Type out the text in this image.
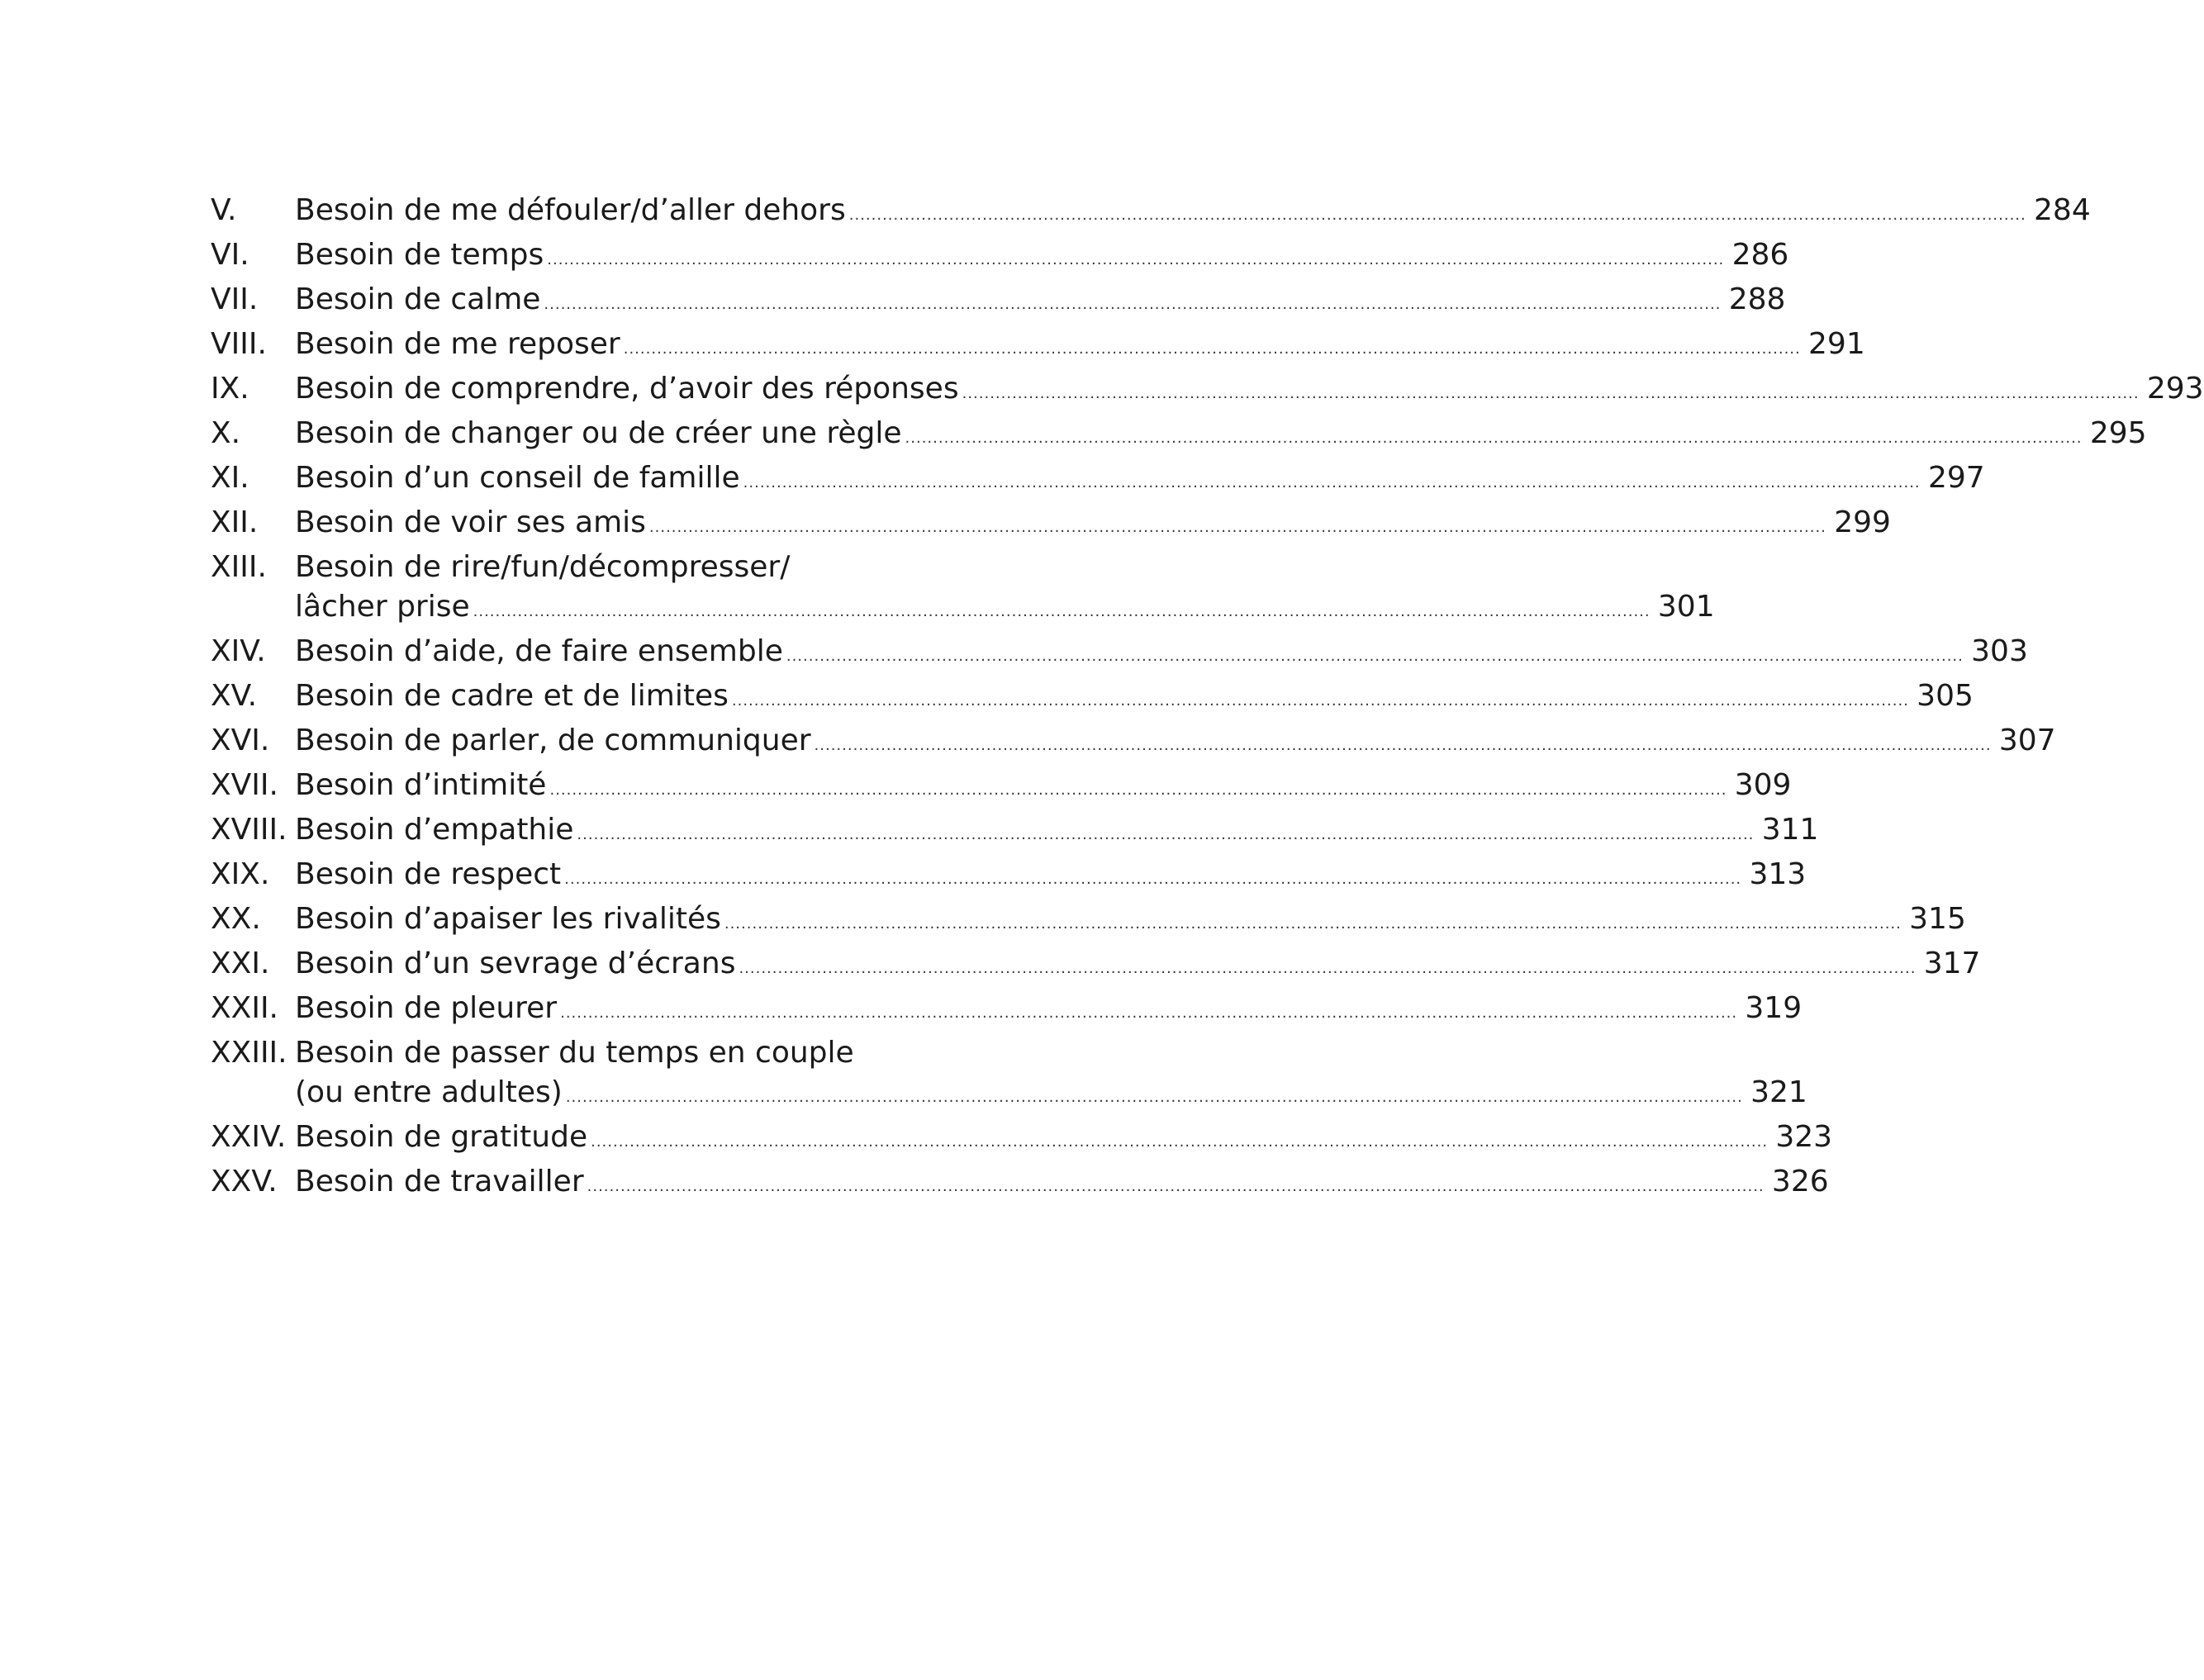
V.	Besoin de me défouler/d’aller dehors .....	284
VI.	Besoin de temps .....	286
VII.	Besoin de calme .....	288
VIII. Besoin de me reposer .....	291
IX.	Besoin de comprendre, d’avoir des réponses .....	293
X.	Besoin de changer ou de créer une règle .....	295
XI.	Besoin d’un conseil de famille .....	297
XII.	Besoin de voir ses amis .....	299
XIII. Besoin de rire/fun/décompresser/
lâcher prise .....	301
XIV. Besoin d’aide, de faire ensemble .....	303
XV.	Besoin de cadre et de limites .....	305
XVI. Besoin de parler, de communiquer .....	307
XVII. Besoin d’intimité .....	309
XVIII. Besoin d’empathie .....	311
XIX. Besoin de respect .....	313
XX.	Besoin d’apaiser les rivalités .....	315
XXI. Besoin d’un sevrage d’écrans .....	317
XXII. Besoin de pleurer .....	319
XXIII. Besoin de passer du temps en couple
(ou entre adultes) .....	321
XXIV. Besoin de gratitude .....	323
XXV. Besoin de travailler .....	326
